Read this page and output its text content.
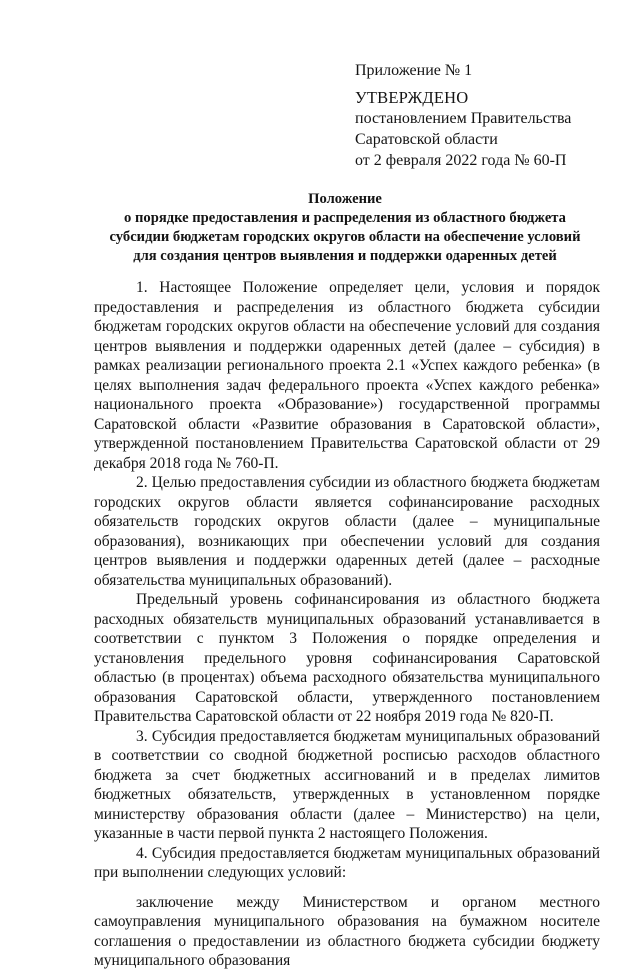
Приложение № 1
УТВЕРЖДЕНО
постановлением Правительства
Саратовской области
от 2 февраля 2022 года № 60-П
Положение
о порядке предоставления и распределения из областного бюджета
субсидии бюджетам городских округов области на обеспечение условий
для создания центров выявления и поддержки одаренных детей

1. Настоящее Положение определяет цели, условия и порядок предоставления и распределения из областного бюджета субсидии бюджетам городских округов области на обеспечение условий для создания центров выявления и поддержки одаренных детей (далее – субсидия) в рамках реализации регионального проекта 2.1 «Успех каждого ребенка» (в целях выполнения задач федерального проекта «Успех каждого ребенка» национального проекта «Образование») государственной программы Саратовской области «Развитие образования в Саратовской области», утвержденной постановлением Правительства Саратовской области от 29 декабря 2018 года № 760-П.

2. Целью предоставления субсидии из областного бюджета бюджетам городских округов области является софинансирование расходных обязательств городских округов области (далее – муниципальные образования), возникающих при обеспечении условий для создания центров выявления и поддержки одаренных детей (далее – расходные обязательства муниципальных образований).

Предельный уровень софинансирования из областного бюджета расходных обязательств муниципальных образований устанавливается в соответствии с пунктом 3 Положения о порядке определения и установления предельного уровня софинансирования Саратовской областью (в процентах) объема расходного обязательства муниципального образования Саратовской области, утвержденного постановлением Правительства Саратовской области от 22 ноября 2019 года № 820-П.

3. Субсидия предоставляется бюджетам муниципальных образований в соответствии со сводной бюджетной росписью расходов областного бюджета за счет бюджетных ассигнований и в пределах лимитов бюджетных обязательств, утвержденных в установленном порядке министерству образования области (далее – Министерство) на цели, указанные в части первой пункта 2 настоящего Положения.

4. Субсидия предоставляется бюджетам муниципальных образований при выполнении следующих условий:

заключение между Министерством и органом местного самоуправления муниципального образования на бумажном носителе соглашения о предоставлении из областного бюджета субсидии бюджету муниципального образования
